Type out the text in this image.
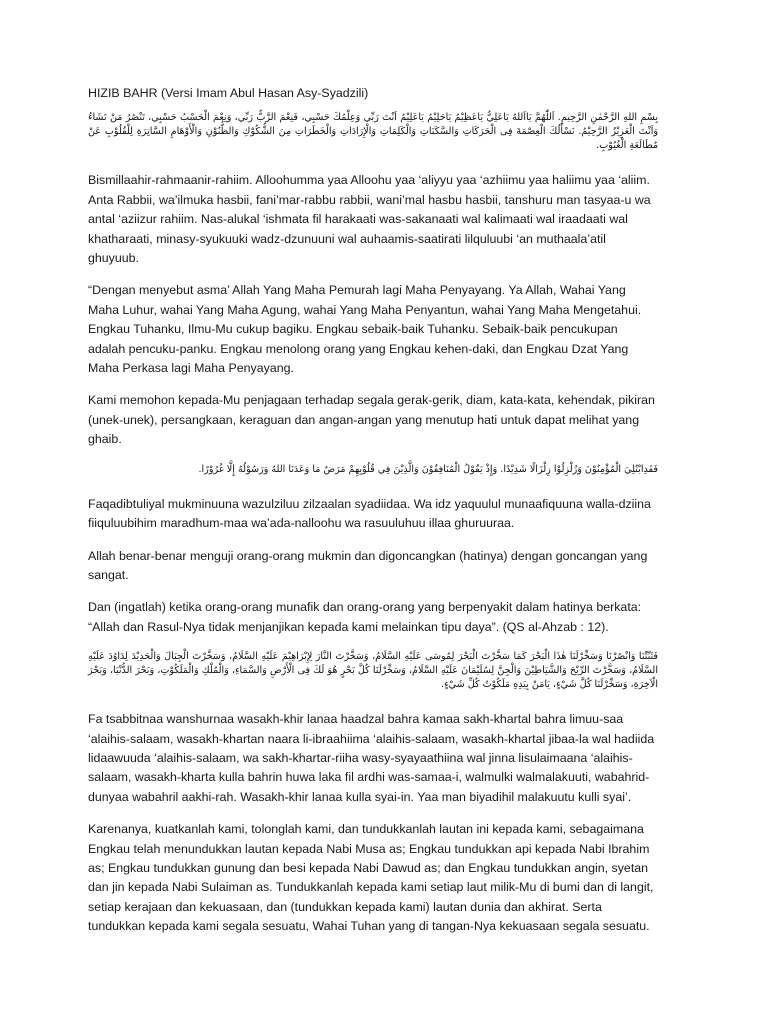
HIZIB BAHR (Versi Imam Abul Hasan Asy-Syadzili)
بِسْمِ اللهِ الرَّحْمٰنِ الرَّحِيمِ. اَللّٰهُمَّ يَااَللهُ يَاعَلِيُّ يَاعَظِيْمُ يَاحَلِيْمُ يَاعَلِيْمُ اَنْتَ رَبِّي وَعِلْمُكَ حَسْبِي، فَنِعْمَ الرَّبُّ رَبِّي، وَنِعْمَ الْحَسْبُ حَسْبِي، تَنْصُرُ مَنْ تَشَاءُ وَاَنْتَ الْعَزِيْزُ الرَّحِيْمُ. نَسْأَلُكَ الْعِصْمَةَ فِى الْحَرَكَاتِ وَالسَّكَنَاتِ وَالْكَلِمَاتِ وَالْإِرَادَاتِ وَالْخَطَرَاتِ مِنَ الشُّكُوْكِ وَالظُّنُوْنِ وَالْأَوْهَامِ السَّاتِرَةِ لِلْقُلُوْبِ عَنْ مُطَالَعَةِ الْغُيُوْبِ.
Bismillaahir-rahmaanir-rahiim. Alloohumma yaa Alloohu yaa ‘aliyyu yaa ‘azhiimu yaa haliimu yaa ‘aliim. Anta Rabbii, wa’ilmuka hasbii, fani’mar-rabbu rabbii, wani’mal hasbu hasbii, tanshuru man tasyaa-u wa antal ‘aziizur rahiim. Nas-alukal ‘ishmata fil harakaati was-sakanaati wal kalimaati wal iraadaati wal khatharaati, minasy-syukuuki wadz-dzunuuni wal auhaamis-saatirati lilquluubi ‘an muthaala’atil ghuyuub.
“Dengan menyebut asma’ Allah Yang Maha Pemurah lagi Maha Penyayang. Ya Allah, Wahai Yang Maha Luhur, wahai Yang Maha Agung, wahai Yang Maha Penyantun, wahai Yang Maha Mengetahui. Engkau Tuhanku, Ilmu-Mu cukup bagiku. Engkau sebaik-baik Tuhanku. Sebaik-baik pencukupan adalah pencuku-panku. Engkau menolong orang yang Engkau kehen-daki, dan Engkau Dzat Yang Maha Perkasa lagi Maha Penyayang.
Kami memohon kepada-Mu penjagaan terhadap segala gerak-gerik, diam, kata-kata, kehendak, pikiran (unek-unek), persangkaan, keraguan dan angan-angan yang menutup hati untuk dapat melihat yang ghaib.
فَقَدِابْتُلِيَ الْمُؤْمِنُوْنَ وَزُلْزِلُوْا زِلْزَالًا شَدِيْدًا. وَإِذْ يَقُوْلُ الْمُنَافِقُوْنَ وَالَّذِيْنَ فِي قُلُوْبِهِمْ مَرَضٌ مَا وَعَدَنَا اللهُ وَرَسُوْلُهُ إِلَّا غُرُوْرًا.
Faqadibtuliyal mukminuuna wazulziluu zilzaalan syadiidaa. Wa idz yaquulul munaafiquuna walla-dziina fiiquluubihim maradhum-maa wa’ada-nalloohu wa rasuuluhuu illaa ghuruuraa.
Allah benar-benar menguji orang-orang mukmin dan digoncangkan (hatinya) dengan goncangan yang sangat.
Dan (ingatlah) ketika orang-orang munafik dan orang-orang yang berpenyakit dalam hatinya berkata: “Allah dan Rasul-Nya tidak menjanjikan kepada kami melainkan tipu daya”. (QS al-Ahzab : 12).
فَثَبِّتْنَا وَانْصُرْنَا وَسَخِّرْلَنَا هٰذَا الْبَحْرَ كَمَا سَخَّرْتَ الْبَحْرَ لِمُوسَى عَلَيْهِ السَّلَامُ، وَسَخَّرْتَ النَّارَ لِإِبْرَاهِيْمَ عَلَيْهِ السَّلَامُ، وَسَخَّرْتَ الْجِبَالَ وَالْحَدِيْدَ لِدَاوُدَ عَلَيْهِ السَّلَامُ، وَسَخَّرْتَ الرِّيْحَ وَالشَّيَاطِيْنَ وَالْجِنَّ لِسُلَيْمَانَ عَلَيْهِ السَّلَامُ، وَسَخِّرْلَنَا كُلَّ بَحْرٍ هُوَ لَكَ فِى الْأَرْضِ وَالسَّمَاءِ، وَالْمُلْكِ وَالْمَلَكُوْتِ، وَبَحْرَ الدُّنْيَا، وَبَحْرَ الْآخِرَةِ، وَسَخِّرْلَنَا كُلَّ شَيْءٍ، يَامَنْ بِيَدِهِ مَلَكُوْتُ كُلِّ شَيْءٍ.
Fa tsabbitnaa wanshurnaa wasakh-khir lanaa haadzal bahra kamaa sakh-khartal bahra limuu-saa ‘alaihis-salaam, wasakh-khartan naara li-ibraahiima ‘alaihis-salaam, wasakh-khartal jibaa-la wal hadiida lidaawuuda ‘alaihis-salaam, wa sakh-khartar-riiha wasy-syayaathiina wal jinna lisulaimaana ‘alaihis-salaam, wasakh-kharta kulla bahrin huwa laka fil ardhi was-samaa-i, walmulki walmalakuuti, wabahrid-dunyaa wabahril aakhi-rah. Wasakh-khir lanaa kulla syai-in. Yaa man biyadihil malakuutu kulli syai’.
Karenanya, kuatkanlah kami, tolonglah kami, dan tundukkanlah lautan ini kepada kami, sebagaimana Engkau telah menundukkan lautan kepada Nabi Musa as; Engkau tundukkan api kepada Nabi Ibrahim as; Engkau tundukkan gunung dan besi kepada Nabi Dawud as; dan Engkau tundukkan angin, syetan dan jin kepada Nabi Sulaiman as. Tundukkanlah kepada kami setiap laut milik-Mu di bumi dan di langit, setiap kerajaan dan kekuasaan, dan (tundukkan kepada kami) lautan dunia dan akhirat. Serta tundukkan kepada kami segala sesuatu, Wahai Tuhan yang di tangan-Nya kekuasaan segala sesuatu.
